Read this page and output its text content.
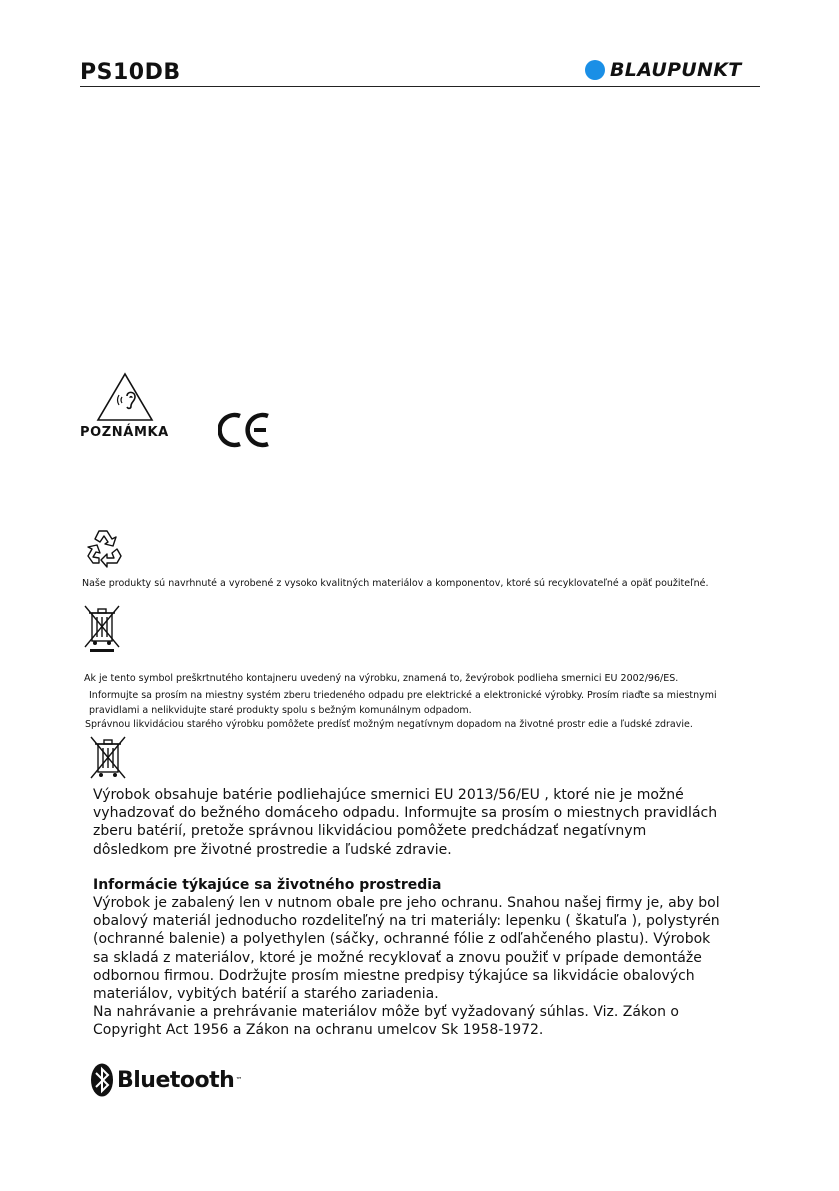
PS10DB	BLAUPUNKT
POZNÁMKA
Naše produkty sú navrhnuté a vyrobené z vysoko kvalitných materiálov a komponentov, ktoré sú recyklovateľné a opäť použiteľné.
Ak je tento symbol preškrtnutého kontajneru uvedený na výrobku, znamená to, ževýrobok podlieha smernici EU 2002/96/ES.
Informujte sa prosím na miestny systém zberu triedeného odpadu pre elektrické a elektronické výrobky. Prosím riaďte sa miestnymi
pravidlami a nelikvidujte staré produkty spolu s bežným komunálnym odpadom.
Správnou likvidáciou starého výrobku pomôžete predísť možným negatívnym dopadom na životné prostr edie a ľudské zdravie.
Výrobok obsahuje batérie podliehajúce smernici EU 2013/56/EU , ktoré nie je možné
vyhadzovať do bežného domáceho odpadu. Informujte sa prosím o miestnych pravidlách
zberu batérií, pretože správnou likvidáciou pomôžete predchádzať negatívnym
dôsledkom pre životné prostredie a ľudské zdravie.
Informácie týkajúce sa životného prostredia
Výrobok je zabalený len v nutnom obale pre jeho ochranu. Snahou našej firmy je, aby bol
obalový materiál jednoducho rozdeliteľný na tri materiály: lepenku ( škatuľa ), polystyrén
(ochranné balenie) a polyethylen (sáčky, ochranné fólie z odľahčeného plastu). Výrobok
sa skladá z materiálov, ktoré je možné recyklovať a znovu použiť v prípade demontáže
odbornou firmou. Dodržujte prosím miestne predpisy týkajúce sa likvidácie obalových
materiálov, vybitých batérií a starého zariadenia.
Na nahrávanie a prehrávanie materiálov môže byť vyžadovaný súhlas. Viz. Zákon o
Copyright Act 1956 a Zákon na ochranu umelcov Sk 1958-1972.
Bluetooth ™
